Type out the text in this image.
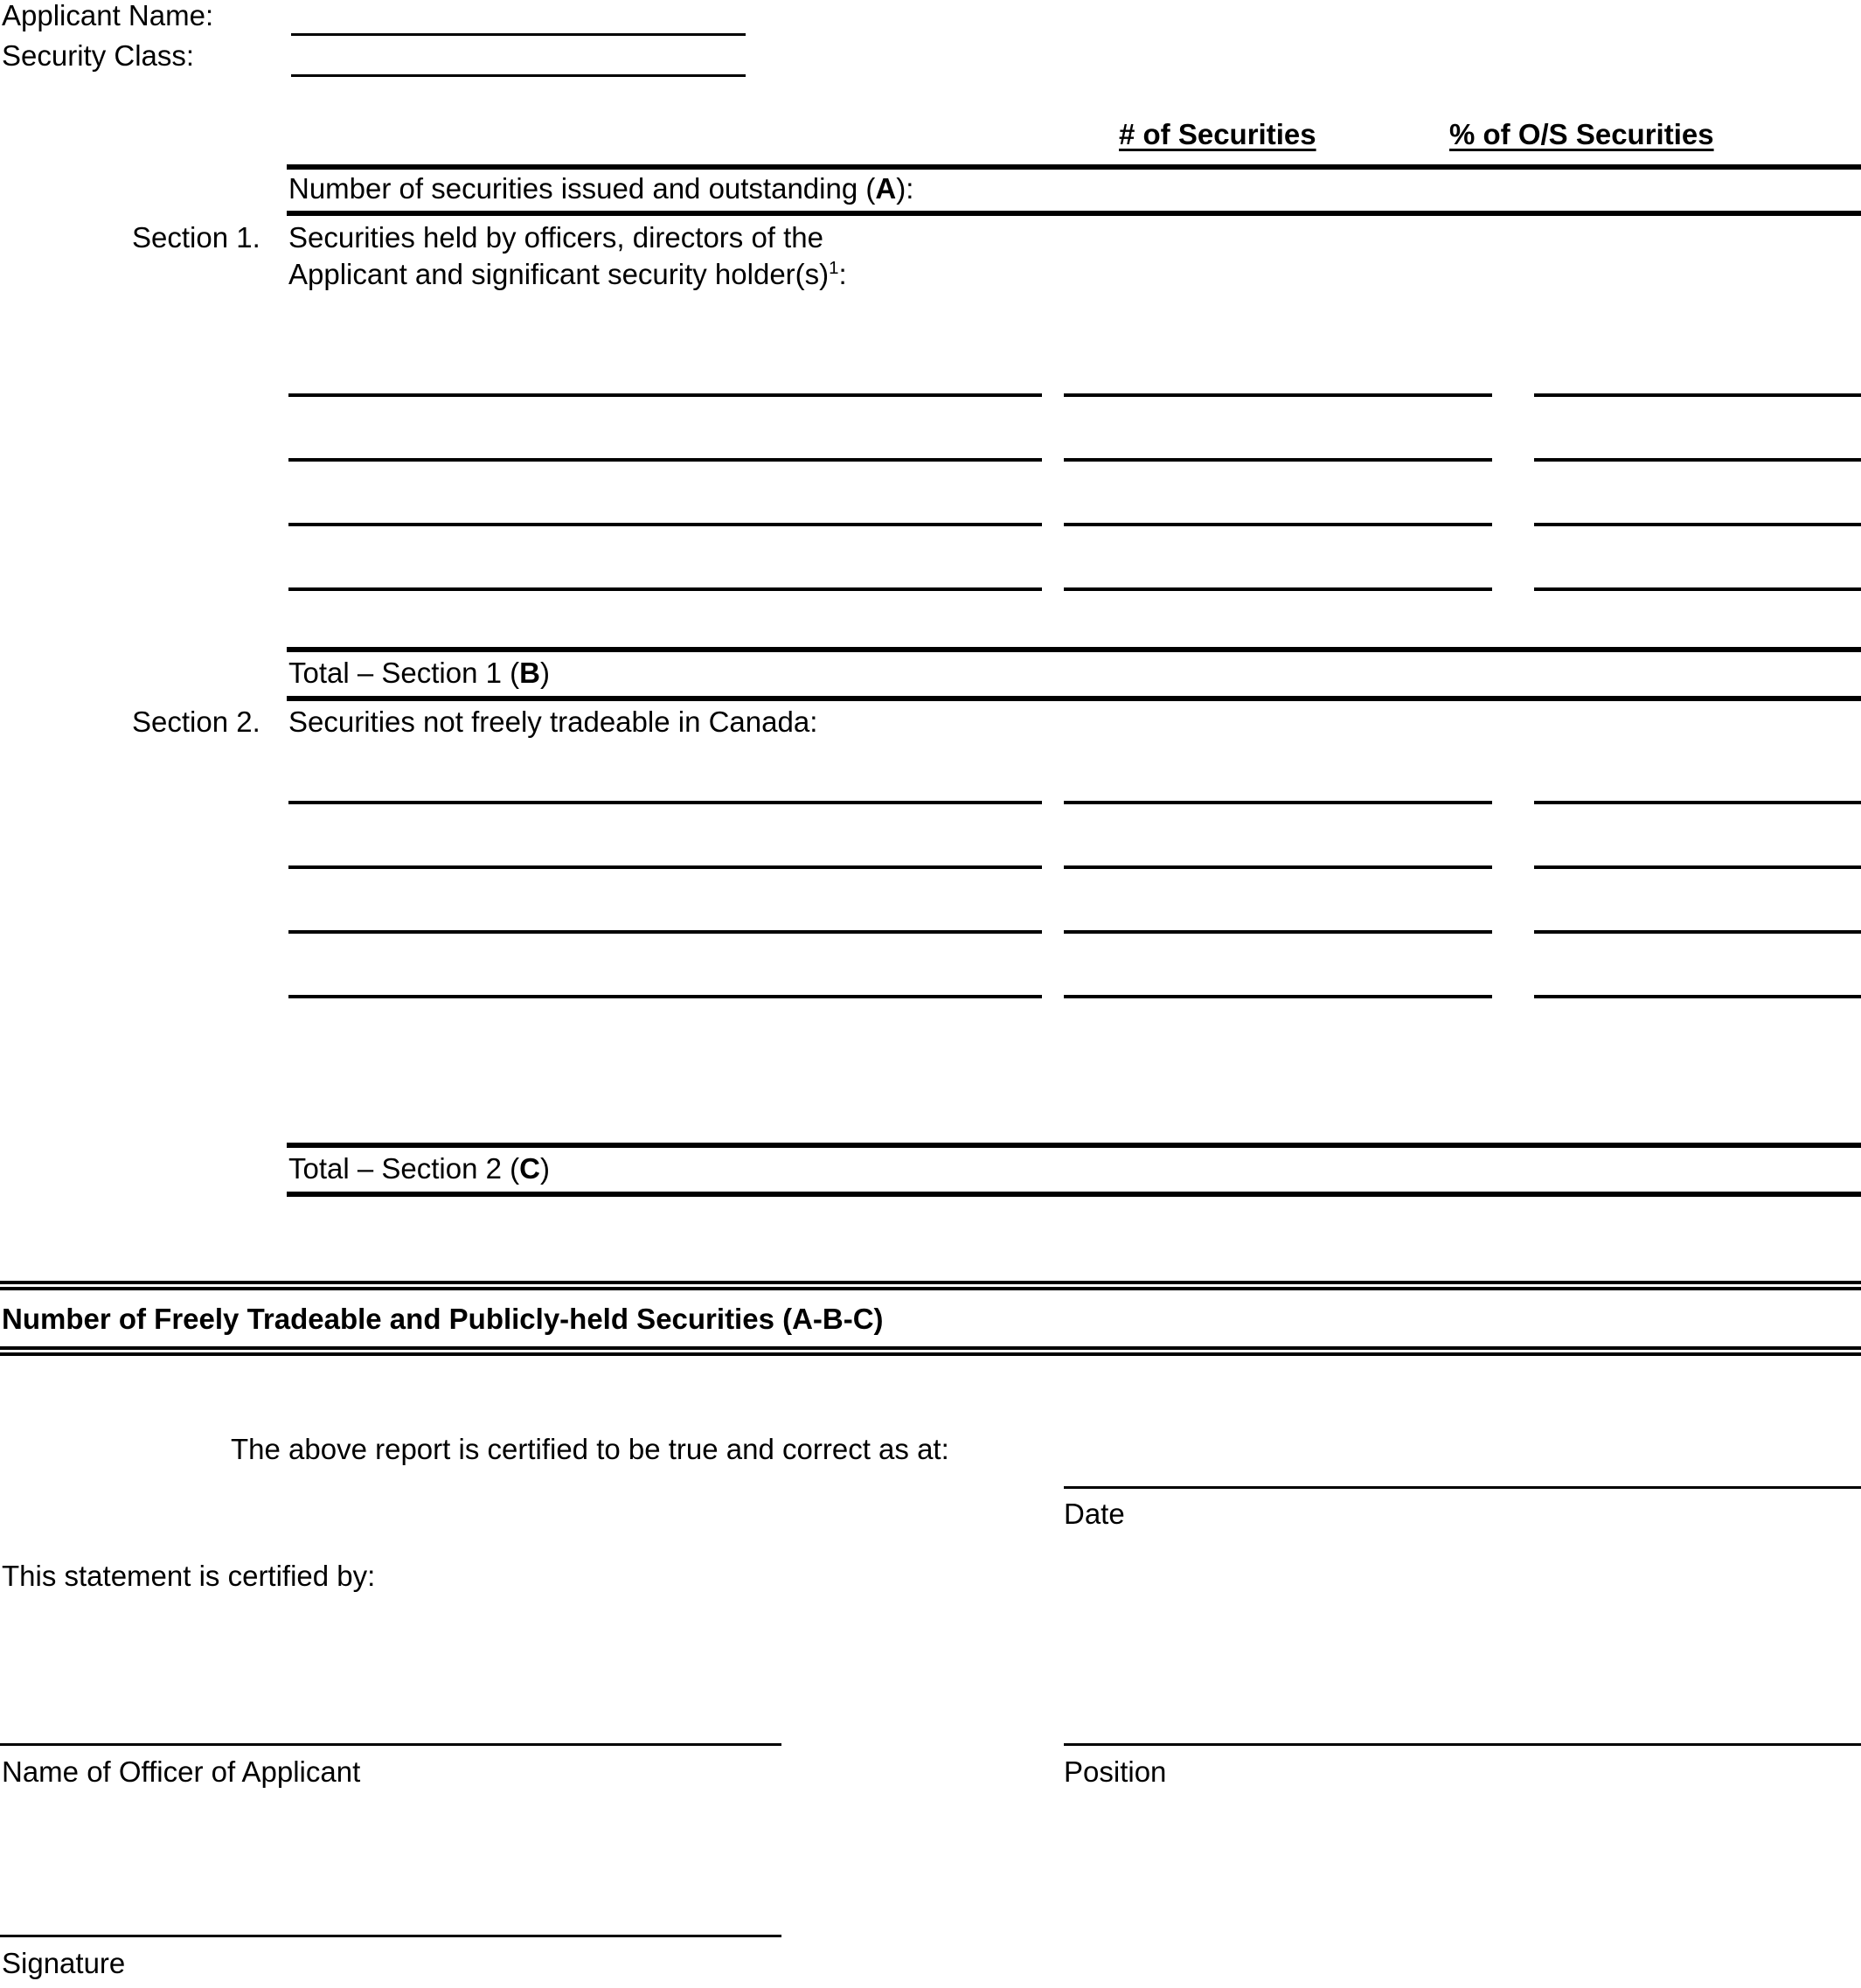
Applicant Name:
Security Class:
# of Securities	% of O/S Securities
Number of securities issued and outstanding (A):
Section 1. Securities held by officers, directors of the
Applicant and significant security $holder(s)^1$:
Total – Section 1 (B)
Section 2. Securities not freely tradeable in Canada:
Total – Section 2 (C)
Number of Freely Tradeable and Publicly-held Securities (A-B-C)
The above report is certified to be true and correct as at:
Date
This statement is certified by:
Name of Officer of Applicant	Position
Signature
